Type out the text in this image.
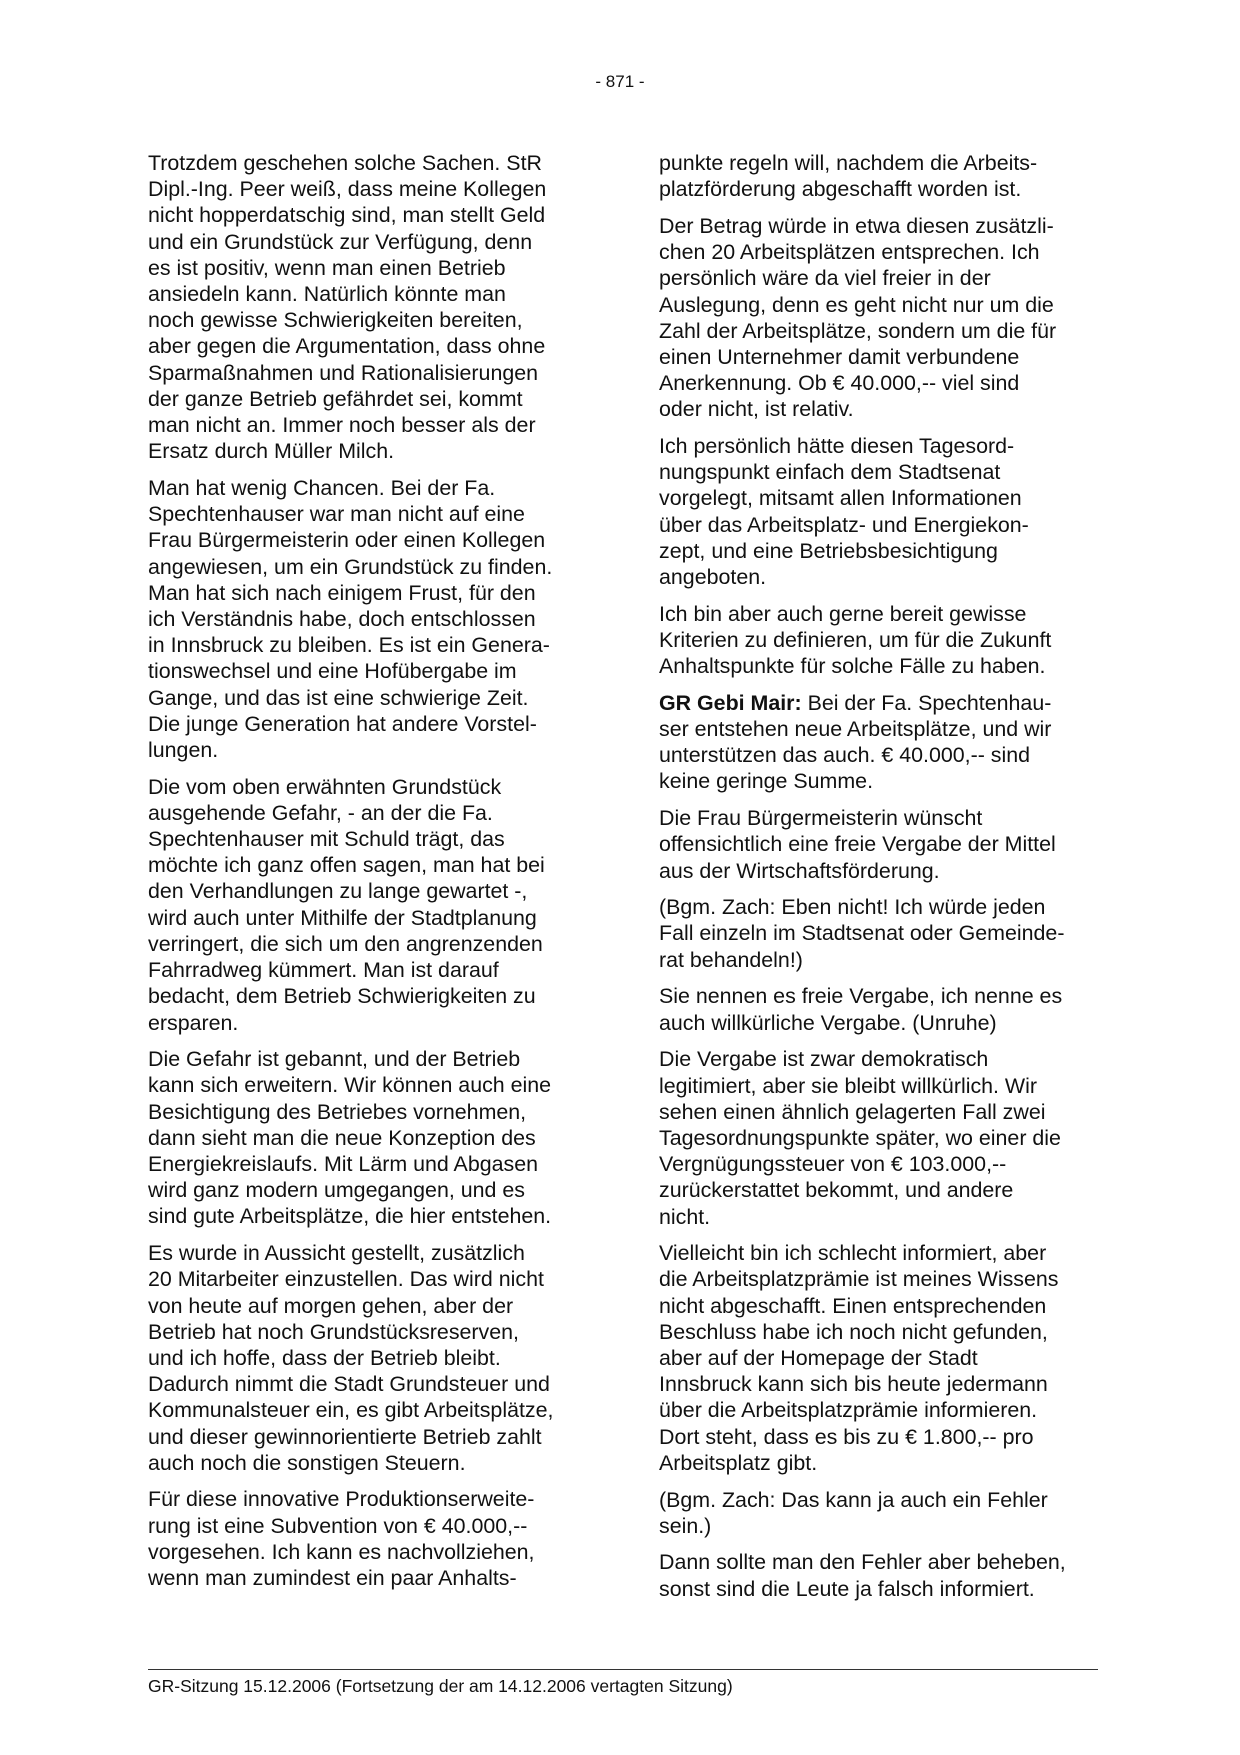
- 871 -

Trotzdem geschehen solche Sachen. StR
Dipl.-Ing. Peer weiß, dass meine Kollegen
nicht hopperdatschig sind, man stellt Geld
und ein Grundstück zur Verfügung, denn
es ist positiv, wenn man einen Betrieb
ansiedeln kann. Natürlich könnte man
noch gewisse Schwierigkeiten bereiten,
aber gegen die Argumentation, dass ohne
Sparmaßnahmen und Rationalisierungen
der ganze Betrieb gefährdet sei, kommt
man nicht an. Immer noch besser als der
Ersatz durch Müller Milch.

Man hat wenig Chancen. Bei der Fa.
Spechtenhauser war man nicht auf eine
Frau Bürgermeisterin oder einen Kollegen
angewiesen, um ein Grundstück zu finden.
Man hat sich nach einigem Frust, für den
ich Verständnis habe, doch entschlossen
in Innsbruck zu bleiben. Es ist ein Genera-
tionswechsel und eine Hofübergabe im
Gange, und das ist eine schwierige Zeit.
Die junge Generation hat andere Vorstel-
lungen.

Die vom oben erwähnten Grundstück
ausgehende Gefahr, - an der die Fa.
Spechtenhauser mit Schuld trägt, das
möchte ich ganz offen sagen, man hat bei
den Verhandlungen zu lange gewartet -,
wird auch unter Mithilfe der Stadtplanung
verringert, die sich um den angrenzenden
Fahrradweg kümmert. Man ist darauf
bedacht, dem Betrieb Schwierigkeiten zu
ersparen.

Die Gefahr ist gebannt, und der Betrieb
kann sich erweitern. Wir können auch eine
Besichtigung des Betriebes vornehmen,
dann sieht man die neue Konzeption des
Energiekreislaufs. Mit Lärm und Abgasen
wird ganz modern umgegangen, und es
sind gute Arbeitsplätze, die hier entstehen.

Es wurde in Aussicht gestellt, zusätzlich
20 Mitarbeiter einzustellen. Das wird nicht
von heute auf morgen gehen, aber der
Betrieb hat noch Grundstücksreserven,
und ich hoffe, dass der Betrieb bleibt.
Dadurch nimmt die Stadt Grundsteuer und
Kommunalsteuer ein, es gibt Arbeitsplätze,
und dieser gewinnorientierte Betrieb zahlt
auch noch die sonstigen Steuern.

Für diese innovative Produktionserweite-
rung ist eine Subvention von € 40.000,--
vorgesehen. Ich kann es nachvollziehen,
wenn man zumindest ein paar Anhalts-

punkte regeln will, nachdem die Arbeits-
platzförderung abgeschafft worden ist.

Der Betrag würde in etwa diesen zusätzli-
chen 20 Arbeitsplätzen entsprechen. Ich
persönlich wäre da viel freier in der
Auslegung, denn es geht nicht nur um die
Zahl der Arbeitsplätze, sondern um die für
einen Unternehmer damit verbundene
Anerkennung. Ob € 40.000,-- viel sind
oder nicht, ist relativ.

Ich persönlich hätte diesen Tagesord-
nungspunkt einfach dem Stadtsenat
vorgelegt, mitsamt allen Informationen
über das Arbeitsplatz- und Energiekon-
zept, und eine Betriebsbesichtigung
angeboten.

Ich bin aber auch gerne bereit gewisse
Kriterien zu definieren, um für die Zukunft
Anhaltspunkte für solche Fälle zu haben.

GR Gebi Mair: Bei der Fa. Spechtenhau-
ser entstehen neue Arbeitsplätze, und wir
unterstützen das auch. € 40.000,-- sind
keine geringe Summe.

Die Frau Bürgermeisterin wünscht
offensichtlich eine freie Vergabe der Mittel
aus der Wirtschaftsförderung.

(Bgm. Zach: Eben nicht! Ich würde jeden
Fall einzeln im Stadtsenat oder Gemeinde-
rat behandeln!)

Sie nennen es freie Vergabe, ich nenne es
auch willkürliche Vergabe. (Unruhe)

Die Vergabe ist zwar demokratisch
legitimiert, aber sie bleibt willkürlich. Wir
sehen einen ähnlich gelagerten Fall zwei
Tagesordnungspunkte später, wo einer die
Vergnügungssteuer von € 103.000,--
zurückerstattet bekommt, und andere
nicht.

Vielleicht bin ich schlecht informiert, aber
die Arbeitsplatzprämie ist meines Wissens
nicht abgeschafft. Einen entsprechenden
Beschluss habe ich noch nicht gefunden,
aber auf der Homepage der Stadt
Innsbruck kann sich bis heute jedermann
über die Arbeitsplatzprämie informieren.
Dort steht, dass es bis zu € 1.800,-- pro
Arbeitsplatz gibt.

(Bgm. Zach: Das kann ja auch ein Fehler
sein.)

Dann sollte man den Fehler aber beheben,
sonst sind die Leute ja falsch informiert.

GR-Sitzung 15.12.2006 (Fortsetzung der am 14.12.2006 vertagten Sitzung)
